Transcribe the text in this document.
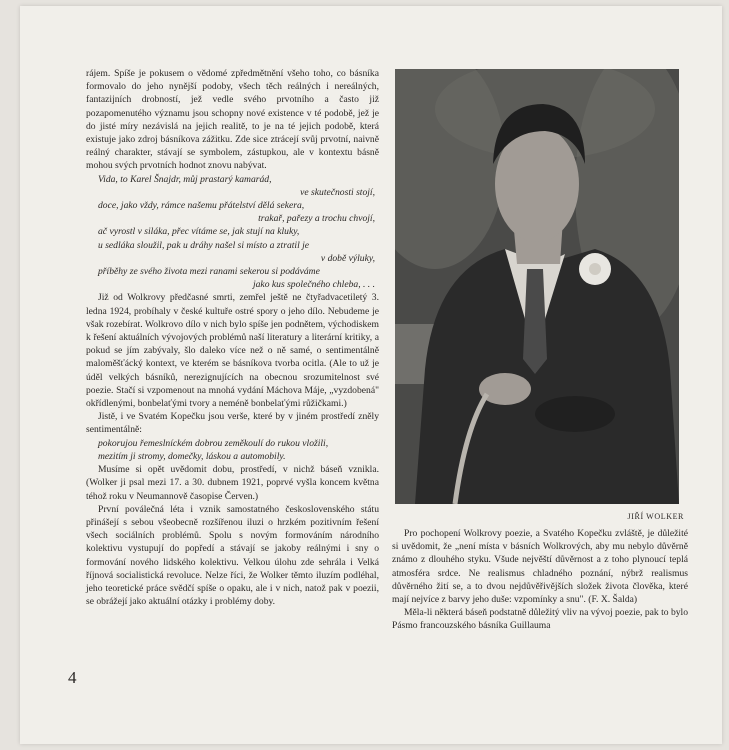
rájem. Spíše je pokusem o vědomé zpředmětnění všeho toho, co básníka formovalo do jeho nynější podoby, všech těch reálných i nereálných, fantazijních drobností, jež vedle svého prvotního a často již pozapomenutého významu jsou schopny nové existence v té podobě, jež je do jisté míry nezávislá na jejich realitě, to je na té jejich podobě, která existuje jako zdroj básníkova zážitku. Zde sice ztrácejí svůj prvotní, naivně reálný charakter, stávají se symbolem, zástupkou, ale v kontextu básně mohou svých prvotních hodnot znovu nabývat.

Vida, to Karel Šnajdr, můj prastarý kamarád,
ve skutečnosti stojí,
doce, jako vždy, rámce našemu přátelství dělá sekera,
trakař, pařezy a trochu chvojí,
ač vyrostl v silákа, přec vítáme se, jak stují na kluky,
u sedláka sloužil, pak u dráhy našel si místo a ztratil je
v době výluky,
příběhy ze svého života mezi ranami sekerou si podáváme
jako kus společného chleba, . . .

Již od Wolkrovy předčasné smrti, zemřel ještě ne čtyřadvacetiletý 3. ledna 1924, probíhaly v české kultuře ostré spory o jeho dílo. Nebudeme je však rozebírat. Wolkrovo dílo v nich bylo spíše jen podnětem, východiskem k řešení aktuálních vývojových problémů naší literatury a literární kritiky, a pokud se jím zabývaly, šlo daleko více než o ně samé, o sentimentálně maloměšťácký kontext, ve kterém se básníkova tvorba ocitla. (Ale to už je úděl velkých básníků, nerezignujících na obecnou srozumitelnost své poezie. Stačí si vzpomenout na mnohá vydání Máchova Máje, „vyzdobená" okřídlenými, bonbelaťými tvory a neméně bonbelaťými růžičkami.)

Jistě, i ve Svatém Kopečku jsou verše, které by v jiném prostředí zněly sentimentálně:

pokorujou řemeslníckém dobrou zeměkoulí do rukou vložili,
mezitím ji stromy, domečky, láskou a automobily.

Musíme si opět uvědomit dobu, prostředí, v nichž báseň vznikla. (Wolker ji psal mezi 17. a 30. dubnem 1921, poprvé vyšla koncem května téhož roku v Neumannově časopise Červen.)

První poválečná léta i vznik samostatného československého státu přinášejí s sebou všeobecně rozšířenou iluzi o hrzkém pozitivním řešení všech sociálních problémů. Spolu s novým formováním národního kolektivu vystupují do popředí a stávají se jakoby reálnými i sny o formování nového lidského kolektivu. Velkou úlohu zde sehrála i Velká říjnová socialistická revoluce. Nelze říci, že Wolker těmto iluzím podléhal, jeho teoretické práce svědčí spíše o opaku, ale i v nich, natož pak v poezii, se obrážejí jako aktuální otázky i problémy doby.

JIŘÍ WOLKER

Pro pochopení Wolkrovy poezie, a Svatého Kopečku zvláště, je důležité si uvědomit, že „není místa v básních Wolkrových, aby mu nebylo důvěrně známo z dlouhého styku. Všude nejvěští důvěrnost a z toho plynoucí teplá atmosféra srdce. Ne realismus chladného poznání, nýbrž realismus důvěrného žití se, a to dvou nejdůvěřivějších složek života člověka, které mají nejvíce z barvy jeho duše: vzpomínky a snu". (F. X. Šalda)

Měla-li některá báseň podstatně důležitý vliv na vývoj poezie, pak to bylo Pásmo francouzského básníka Guillauma

4
